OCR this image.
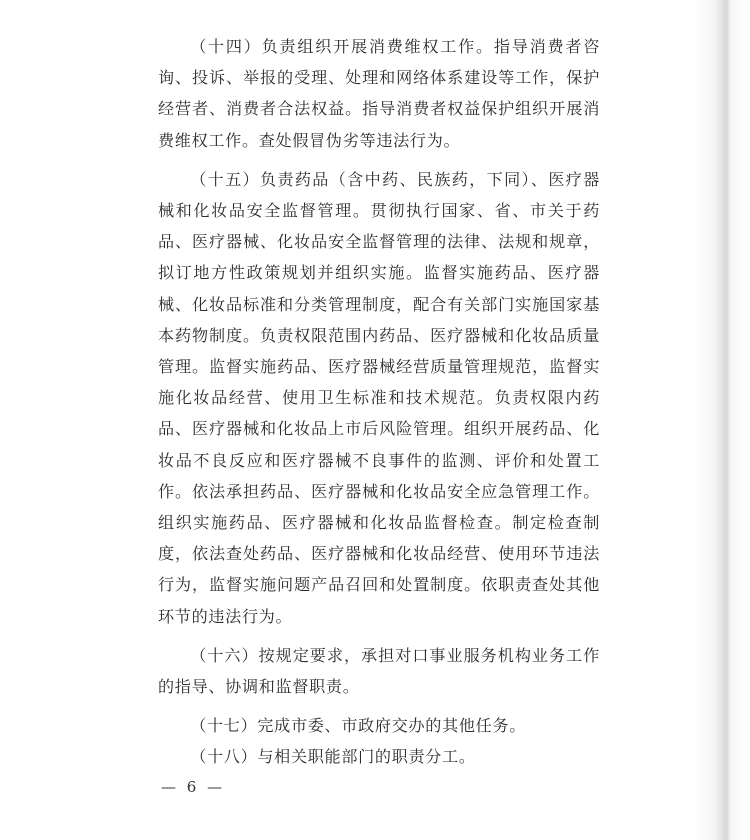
（十四）负责组织开展消费维权工作。指导消费者咨询、投诉、举报的受理、处理和网络体系建设等工作，保护经营者、消费者合法权益。指导消费者权益保护组织开展消费维权工作。查处假冒伪劣等违法行为。

（十五）负责药品（含中药、民族药，下同）、医疗器械和化妆品安全监督管理。贯彻执行国家、省、市关于药品、医疗器械、化妆品安全监督管理的法律、法规和规章，拟订地方性政策规划并组织实施。监督实施药品、医疗器械、化妆品标准和分类管理制度，配合有关部门实施国家基本药物制度。负责权限范围内药品、医疗器械和化妆品质量管理。监督实施药品、医疗器械经营质量管理规范，监督实施化妆品经营、使用卫生标准和技术规范。负责权限内药品、医疗器械和化妆品上市后风险管理。组织开展药品、化妆品不良反应和医疗器械不良事件的监测、评价和处置工作。依法承担药品、医疗器械和化妆品安全应急管理工作。组织实施药品、医疗器械和化妆品监督检查。制定检查制度，依法查处药品、医疗器械和化妆品经营、使用环节违法行为，监督实施问题产品召回和处置制度。依职责查处其他环节的违法行为。

（十六）按规定要求，承担对口事业服务机构业务工作的指导、协调和监督职责。

（十七）完成市委、市政府交办的其他任务。

（十八）与相关职能部门的职责分工。

— 6 —
